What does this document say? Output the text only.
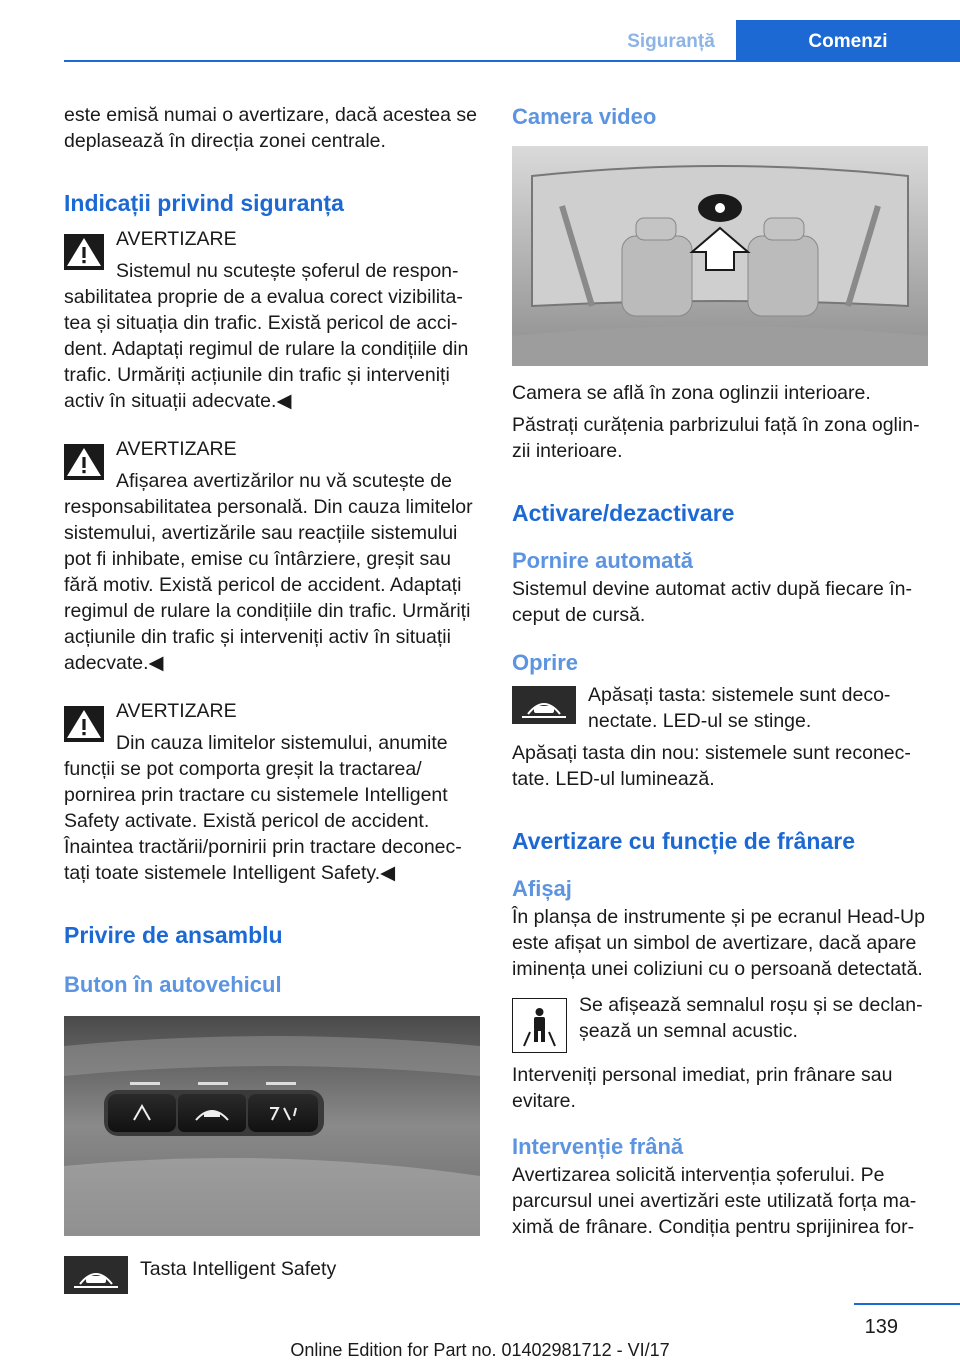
Siguranță	Comenzi

este emisă numai o avertizare, dacă acestea se deplasează în direcția zonei centrale.

Indicații privind siguranța

AVERTIZARE

Sistemul nu scutește șoferul de responsabilitatea proprie de a evalua corect vizibilitatea și situația din trafic. Există pericol de accident. Adaptați regimul de rulare la condițiile din trafic. Urmăriți acțiunile din trafic și interveniți activ în situații adecvate.◀

AVERTIZARE

Afișarea avertizărilor nu vă scutește de responsabilitatea personală. Din cauza limitelor sistemului, avertizările sau reacțiile sistemului pot fi inhibate, emise cu întârziere, greșit sau fără motiv. Există pericol de accident. Adaptați regimul de rulare la condițiile din trafic. Urmăriți acțiunile din trafic și interveniți activ în situații adecvate.◀

AVERTIZARE

Din cauza limitelor sistemului, anumite funcții se pot comporta greșit la tractarea/ pornirea prin tractare cu sistemele Intelligent Safety activate. Există pericol de accident. Înaintea tractării/pornirii prin tractare deconectați toate sistemele Intelligent Safety.◀

Privire de ansamblu
Buton în autovehicul

Tasta Intelligent Safety

Camera video

Camera se află în zona oglinzii interioare.

Păstrați curățenia parbrizului față în zona oglinzii interioare.

Activare/dezactivare
Pornire automată

Sistemul devine automat activ după fiecare început de cursă.

Oprire

Apăsați tasta: sistemele sunt deconectate. LED-ul se stinge.

Apăsați tasta din nou: sistemele sunt reconectate. LED-ul luminează.

Avertizare cu funcție de frânare
Afișaj

În planșa de instrumente și pe ecranul Head-Up este afișat un simbol de avertizare, dacă apare iminența unei coliziuni cu o persoană detectată.

Se afișează semnalul roșu și se declanșează un semnal acustic.

Interveniți personal imediat, prin frânare sau evitare.

Intervenție frână

Avertizarea solicită intervenția șoferului. Pe parcursul unei avertizări este utilizată forța maximă de frânare. Condiția pentru sprijinirea for-

139
Online Edition for Part no. 01402981712 - VI/17
